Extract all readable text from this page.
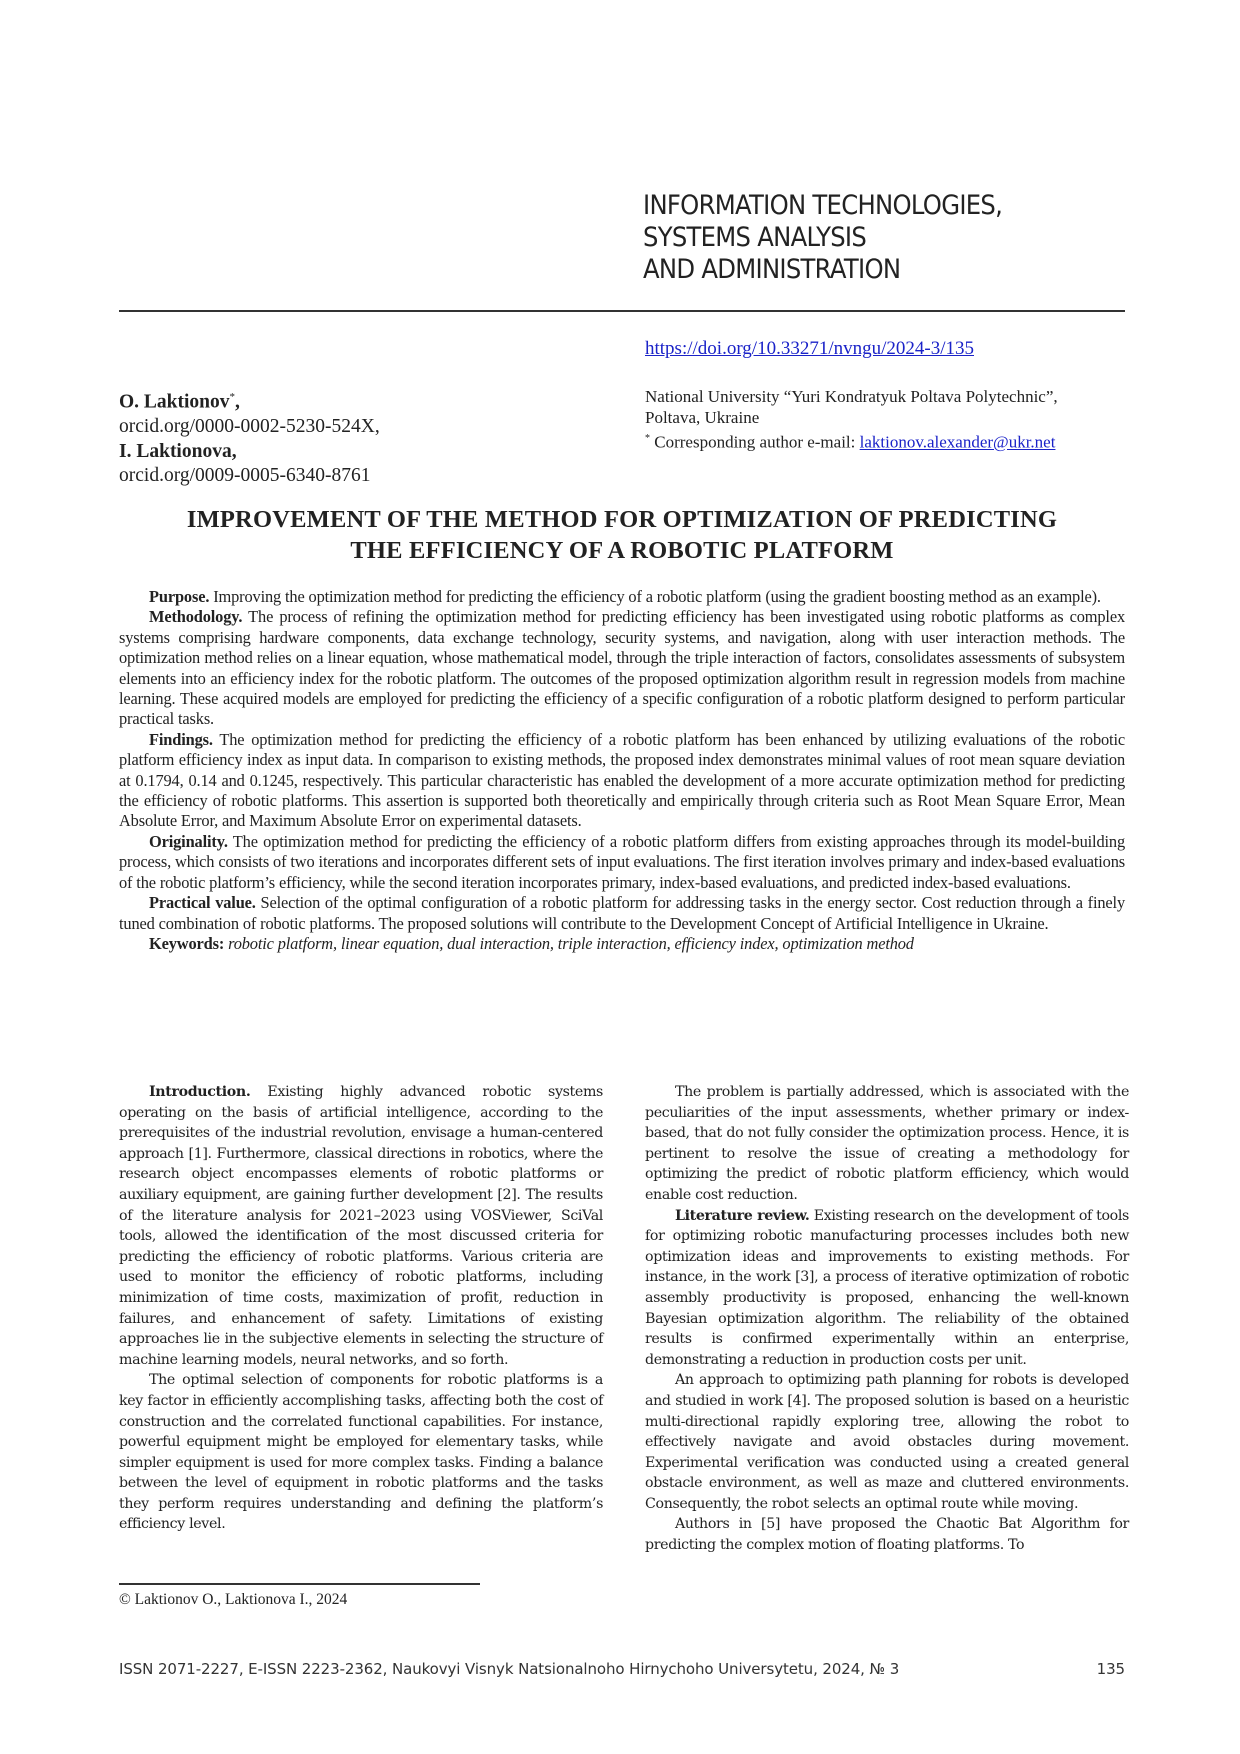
INFORMATION TECHNOLOGIES,
SYSTEMS ANALYSIS
AND ADMINISTRATION
https://doi.org/10.33271/nvngu/2024-3/135
O. Laktionov*,
orcid.org/0000-0002-5230-524X,
I. Laktionova,
orcid.org/0009-0005-6340-8761
National University “Yuri Kondratyuk Poltava Polytechnic”,
Poltava, Ukraine
* Corresponding author e-mail: laktionov.alexander@ukr.net
IMPROVEMENT OF THE METHOD FOR OPTIMIZATION OF PREDICTING
THE EFFICIENCY OF A ROBOTIC PLATFORM

Purpose. Improving the optimization method for predicting the efficiency of a robotic platform (using the gradient boosting method as an example).

Methodology. The process of refining the optimization method for predicting efficiency has been investigated using robotic platforms as complex systems comprising hardware components, data exchange technology, security systems, and navigation, along with user interaction methods. The optimization method relies on a linear equation, whose mathematical model, through the triple interaction of factors, consolidates assessments of subsystem elements into an efficiency index for the robotic platform. The outcomes of the proposed optimization algorithm result in regression models from machine learning. These acquired models are employed for predicting the efficiency of a specific configuration of a robotic platform designed to perform particular practical tasks.

Findings. The optimization method for predicting the efficiency of a robotic platform has been enhanced by utilizing evaluations of the robotic platform efficiency index as input data. In comparison to existing methods, the proposed index demonstrates minimal values of root mean square deviation at 0.1794, 0.14 and 0.1245, respectively. This particular characteristic has enabled the development of a more accurate optimization method for predicting the efficiency of robotic platforms. This assertion is supported both theoretically and empirically through criteria such as Root Mean Square Error, Mean Absolute Error, and Maximum Absolute Error on experimental datasets.

Originality. The optimization method for predicting the efficiency of a robotic platform differs from existing approaches through its model-building process, which consists of two iterations and incorporates different sets of input evaluations. The first iteration involves primary and index-based evaluations of the robotic platform’s efficiency, while the second iteration incorporates primary, index-based evaluations, and predicted index-based evaluations.

Practical value. Selection of the optimal configuration of a robotic platform for addressing tasks in the energy sector. Cost reduction through a finely tuned combination of robotic platforms. The proposed solutions will contribute to the Development Concept of Artificial Intelligence in Ukraine.

Keywords: robotic platform, linear equation, dual interaction, triple interaction, efficiency index, optimization method

Introduction. Existing highly advanced robotic systems operating on the basis of artificial intelligence, according to the prerequisites of the industrial revolution, envisage a human-centered approach [1]. Furthermore, classical directions in robotics, where the research object encompasses elements of robotic platforms or auxiliary equipment, are gaining further development [2]. The results of the literature analysis for 2021–2023 using VOSViewer, SciVal tools, allowed the identification of the most discussed criteria for predicting the efficiency of robotic platforms. Various criteria are used to monitor the efficiency of robotic platforms, including minimization of time costs, maximization of profit, reduction in failures, and enhancement of safety. Limitations of existing approaches lie in the subjective elements in selecting the structure of machine learning models, neural networks, and so forth.

The optimal selection of components for robotic platforms is a key factor in efficiently accomplishing tasks, affecting both the cost of construction and the correlated functional capabilities. For instance, powerful equipment might be employed for elementary tasks, while simpler equipment is used for more complex tasks. Finding a balance between the level of equipment in robotic platforms and the tasks they perform requires understanding and defining the platform’s efficiency level.

The problem is partially addressed, which is associated with the peculiarities of the input assessments, whether primary or index-based, that do not fully consider the optimization process. Hence, it is pertinent to resolve the issue of creating a methodology for optimizing the predict of robotic platform efficiency, which would enable cost reduction.

Literature review. Existing research on the development of tools for optimizing robotic manufacturing processes includes both new optimization ideas and improvements to existing methods. For instance, in the work [3], a process of iterative optimization of robotic assembly productivity is proposed, enhancing the well-known Bayesian optimization algorithm. The reliability of the obtained results is confirmed experimentally within an enterprise, demonstrating a reduction in production costs per unit.

An approach to optimizing path planning for robots is developed and studied in work [4]. The proposed solution is based on a heuristic multi-directional rapidly exploring tree, allowing the robot to effectively navigate and avoid obstacles during movement. Experimental verification was conducted using a created general obstacle environment, as well as maze and cluttered environments. Consequently, the robot selects an optimal route while moving.

Authors in [5] have proposed the Chaotic Bat Algorithm for predicting the complex motion of floating platforms. To

© Laktionov O., Laktionova I., 2024
ISSN 2071-2227, E-ISSN 2223-2362, Naukovyi Visnyk Natsionalnoho Hirnychoho Universytetu, 2024, № 3	135
